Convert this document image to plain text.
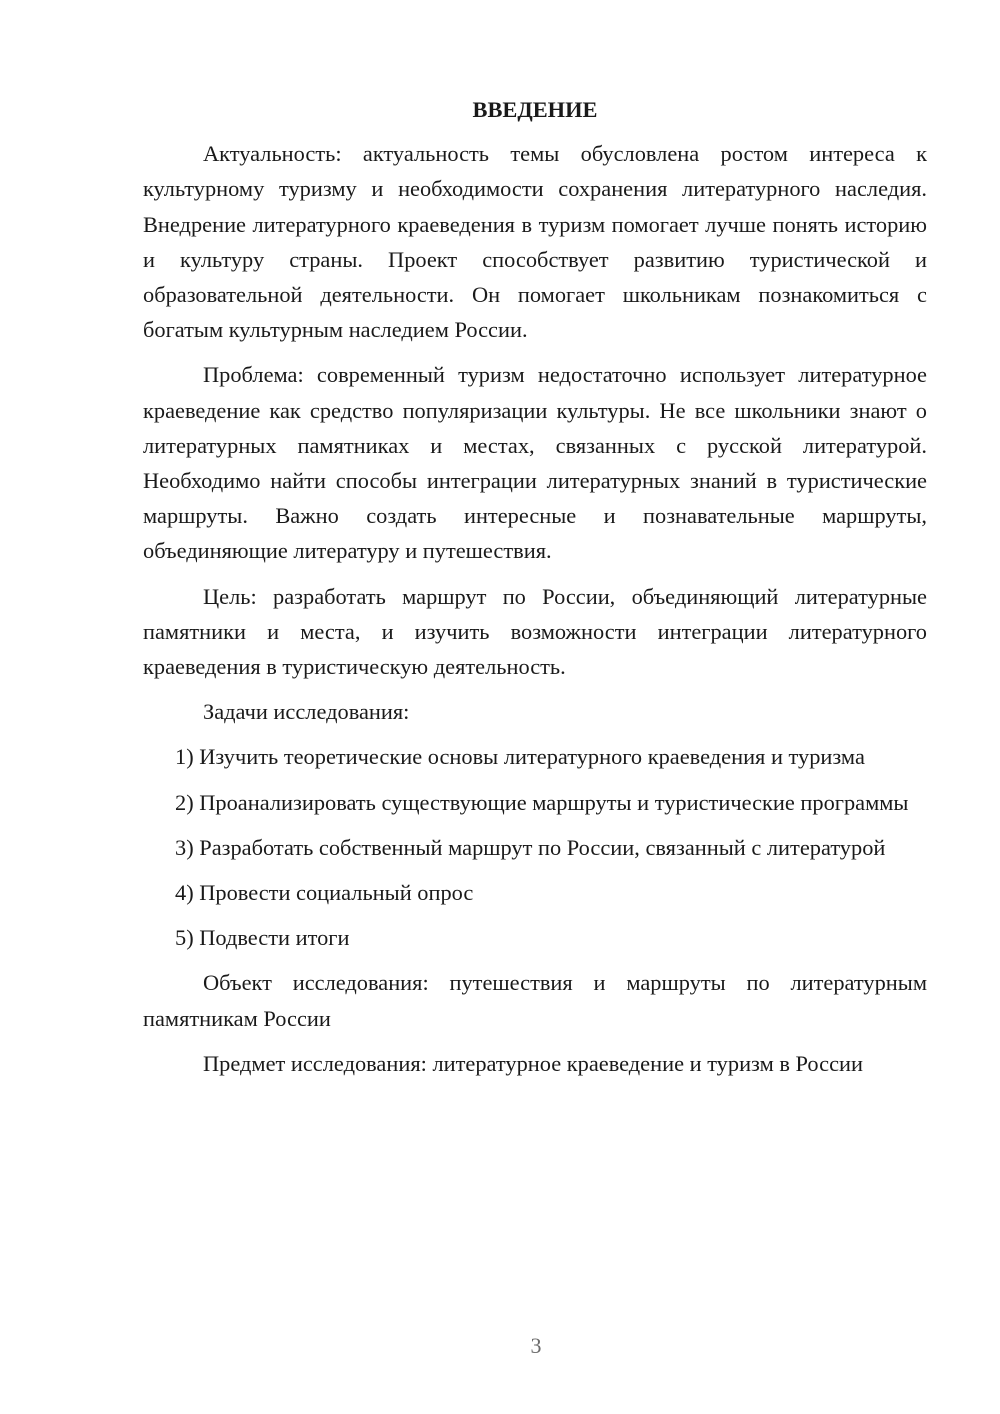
ВВЕДЕНИЕ

Актуальность: актуальность темы обусловлена ростом интереса к культурному туризму и необходимости сохранения литературного наследия. Внедрение литературного краеведения в туризм помогает лучше понять историю и культуру страны. Проект способствует развитию туристической и образовательной деятельности. Он помогает школьникам познакомиться с богатым культурным наследием России.

Проблема: современный туризм недостаточно использует литературное краеведение как средство популяризации культуры. Не все школьники знают о литературных памятниках и местах, связанных с русской литературой. Необходимо найти способы интеграции литературных знаний в туристические маршруты. Важно создать интересные и познавательные маршруты, объединяющие литературу и путешествия.

Цель: разработать маршрут по России, объединяющий литературные памятники и места, и изучить возможности интеграции литературного краеведения в туристическую деятельность.

Задачи исследования:

1) Изучить теоретические основы литературного краеведения и туризма

2) Проанализировать существующие маршруты и туристические программы

3) Разработать собственный маршрут по России, связанный с литературой

4) Провести социальный опрос

5) Подвести итоги

Объект исследования: путешествия и маршруты по литературным памятникам России

Предмет исследования: литературное краеведение и туризм в России

3
